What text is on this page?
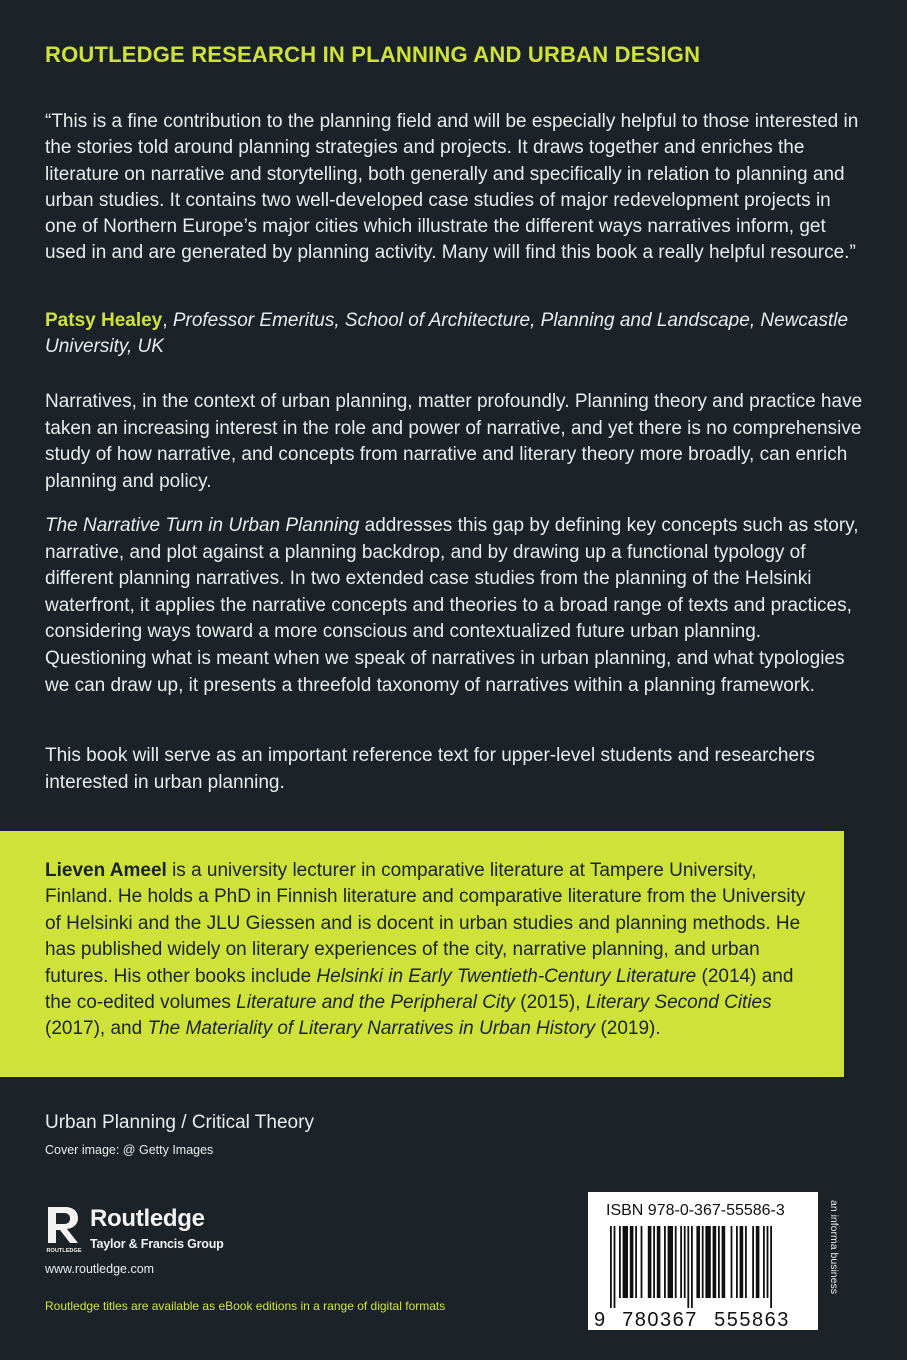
ROUTLEDGE RESEARCH IN PLANNING AND URBAN DESIGN

“This is a fine contribution to the planning field and will be especially helpful to those interested in the stories told around planning strategies and projects. It draws together and enriches the literature on narrative and storytelling, both generally and specifically in relation to planning and urban studies. It contains two well-developed case studies of major redevelopment projects in one of Northern Europe’s major cities which illustrate the different ways narratives inform, get used in and are generated by planning activity. Many will find this book a really helpful resource.”

Patsy Healey, Professor Emeritus, School of Architecture, Planning and Landscape, Newcastle University, UK

Narratives, in the context of urban planning, matter profoundly. Planning theory and practice have taken an increasing interest in the role and power of narrative, and yet there is no comprehensive study of how narrative, and concepts from narrative and literary theory more broadly, can enrich planning and policy.

The Narrative Turn in Urban Planning addresses this gap by defining key concepts such as story, narrative, and plot against a planning backdrop, and by drawing up a functional typology of different planning narratives. In two extended case studies from the planning of the Helsinki waterfront, it applies the narrative concepts and theories to a broad range of texts and practices, considering ways toward a more conscious and contextualized future urban planning. Questioning what is meant when we speak of narratives in urban planning, and what typologies we can draw up, it presents a threefold taxonomy of narratives within a planning framework.

This book will serve as an important reference text for upper-level students and researchers interested in urban planning.

Lieven Ameel is a university lecturer in comparative literature at Tampere University, Finland. He holds a PhD in Finnish literature and comparative literature from the University of Helsinki and the JLU Giessen and is docent in urban studies and planning methods. He has published widely on literary experiences of the city, narrative planning, and urban futures. His other books include Helsinki in Early Twentieth-Century Literature (2014) and the co-edited volumes Literature and the Peripheral City (2015), Literary Second Cities (2017), and The Materiality of Literary Narratives in Urban History (2019).

Urban Planning / Critical Theory
Cover image: @ Getty Images
ROUTLEDGE
Routledge
Taylor & Francis Group
www.routledge.com
Routledge titles are available as eBook editions in a range of digital formats
ISBN 978-0-367-55586-3
9 780367 555863
an informa business
